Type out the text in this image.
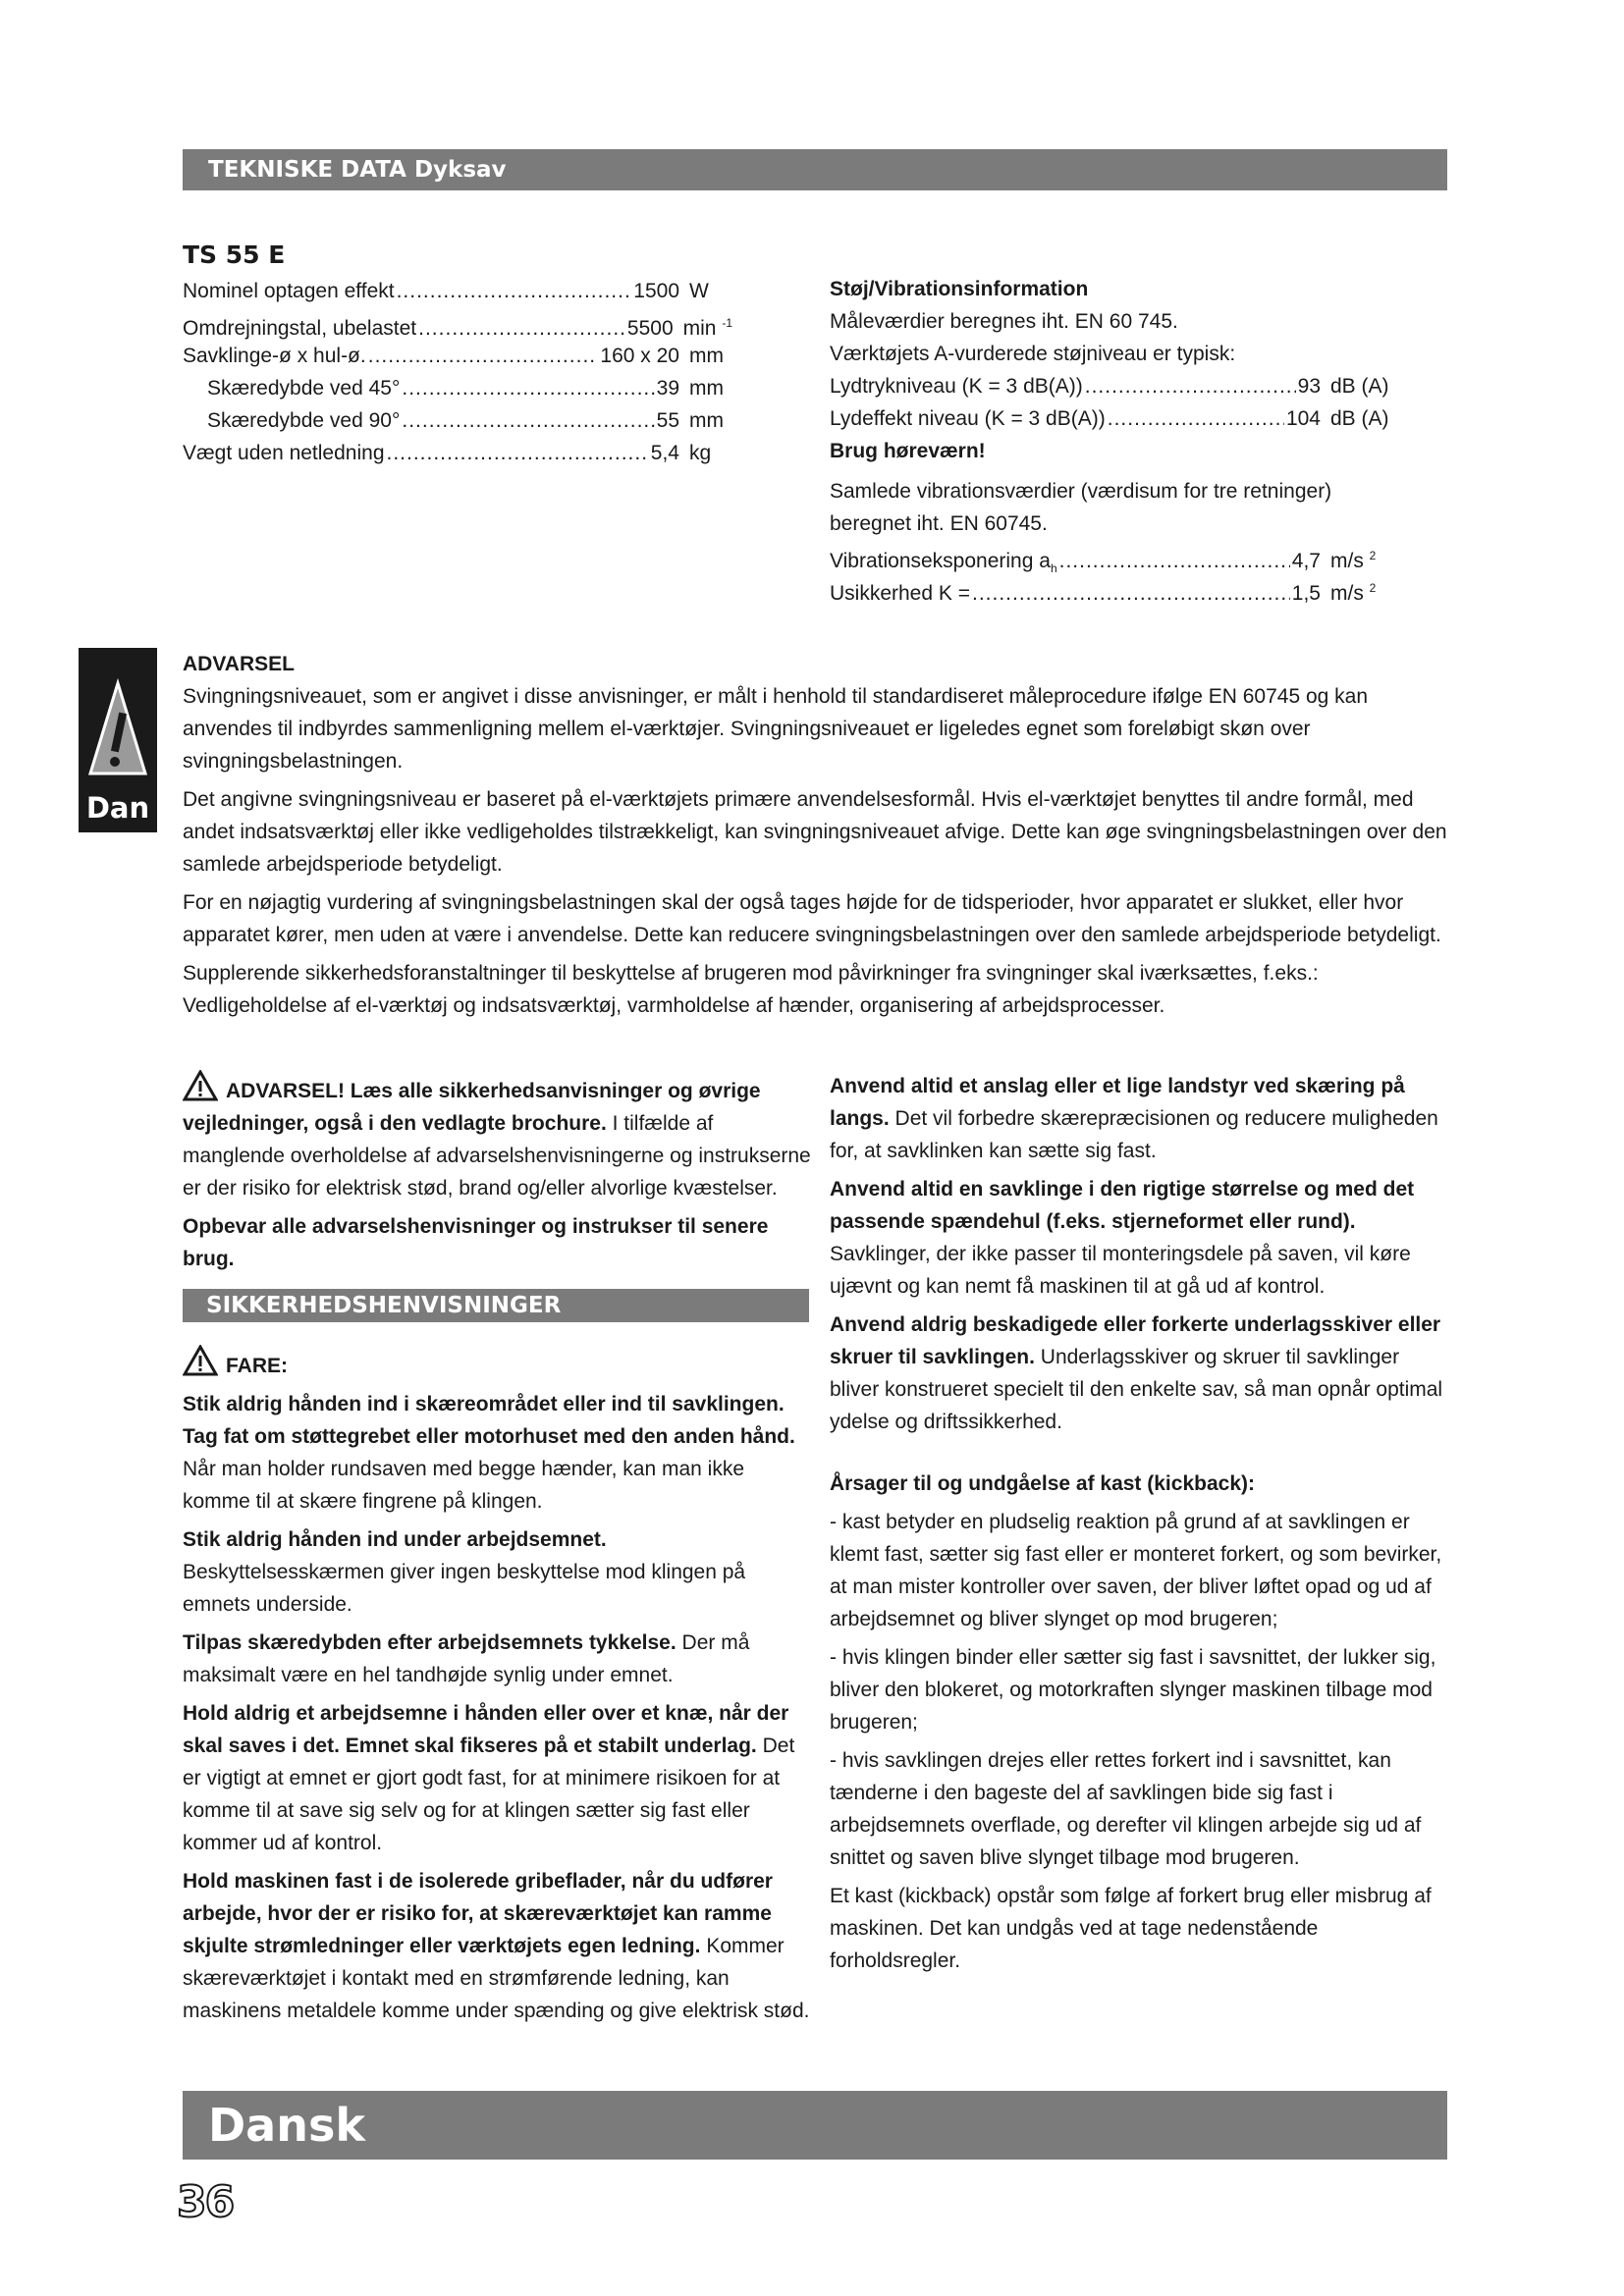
TEKNISKE DATA Dyksav
TS 55 E
Nominel optagen effekt .....	1500 W
Omdrejningstal, ubelastet .....	5500 min $^{-1}$
Savklinge-ø x hul-ø. .....	160 x 20 mm
Skæredybde ved 45° .....	39 mm
Skæredybde ved 90° .....	55 mm
Vægt uden netledning .....	5,4 kg
Støj/Vibrationsinformation
Måleværdier beregnes iht. EN 60 745.
Værktøjets A-vurderede støjniveau er typisk:
Lydtrykniveau (K = 3 dB(A)) .....	93 dB (A)
Lydeffekt niveau (K = 3 dB(A)) .....	104 dB (A)
Brug høreværn!
Samlede vibrationsværdier (værdisum for tre retninger) beregnet iht. EN 60745.
Vibrationseksponering $a_h$ .....	4,7 m/s $^2$
Usikkerhed K = .....	1,5 m/s $^2$
Dan
ADVARSEL

Svingningsniveauet, som er angivet i disse anvisninger, er målt i henhold til standardiseret måleprocedure ifølge EN 60745 og kan anvendes til indbyrdes sammenligning mellem el-værktøjer. Svingningsniveauet er ligeledes egnet som foreløbigt skøn over svingningsbelastningen.

Det angivne svingningsniveau er baseret på el-værktøjets primære anvendelsesformål. Hvis el-værktøjet benyttes til andre formål, med andet indsatsværktøj eller ikke vedligeholdes tilstrækkeligt, kan svingningsniveauet afvige. Dette kan øge svingningsbelastningen over den samlede arbejdsperiode betydeligt.

For en nøjagtig vurdering af svingningsbelastningen skal der også tages højde for de tidsperioder, hvor apparatet er slukket, eller hvor apparatet kører, men uden at være i anvendelse. Dette kan reducere svingningsbelastningen over den samlede arbejdsperiode betydeligt.

Supplerende sikkerhedsforanstaltninger til beskyttelse af brugeren mod påvirkninger fra svingninger skal iværksættes, f.eks.: Vedligeholdelse af el-værktøj og indsatsværktøj, varmholdelse af hænder, organisering af arbejdsprocesser.

ADVARSEL! Læs alle sikkerhedsanvisninger og øvrige vejledninger, også i den vedlagte brochure. I tilfælde af manglende overholdelse af advarselshenvisningerne og instrukserne er der risiko for elektrisk stød, brand og/eller alvorlige kvæstelser.

Opbevar alle advarselshenvisninger og instrukser til senere brug.

SIKKERHEDSHENVISNINGER

FARE:

Stik aldrig hånden ind i skæreområdet eller ind til savklingen. Tag fat om støttegrebet eller motorhuset med den anden hånd. Når man holder rundsaven med begge hænder, kan man ikke komme til at skære fingrene på klingen.

Stik aldrig hånden ind under arbejdsemnet.
Beskyttelsesskærmen giver ingen beskyttelse mod klingen på emnets underside.

Tilpas skæredybden efter arbejdsemnets tykkelse. Der må maksimalt være en hel tandhøjde synlig under emnet.

Hold aldrig et arbejdsemne i hånden eller over et knæ, når der skal saves i det. Emnet skal fikseres på et stabilt underlag. Det er vigtigt at emnet er gjort godt fast, for at minimere risikoen for at komme til at save sig selv og for at klingen sætter sig fast eller kommer ud af kontrol.

Hold maskinen fast i de isolerede gribeflader, når du udfører arbejde, hvor der er risiko for, at skæreværktøjet kan ramme skjulte strømledninger eller værktøjets egen ledning. Kommer skæreværktøjet i kontakt med en strømførende ledning, kan maskinens metaldele komme under spænding og give elektrisk stød.

Anvend altid et anslag eller et lige landstyr ved skæring på langs. Det vil forbedre skærepræcisionen og reducere muligheden for, at savklinken kan sætte sig fast.

Anvend altid en savklinge i den rigtige størrelse og med det passende spændehul (f.eks. stjerneformet eller rund). Savklinger, der ikke passer til monteringsdele på saven, vil køre ujævnt og kan nemt få maskinen til at gå ud af kontrol.

Anvend aldrig beskadigede eller forkerte underlagsskiver eller skruer til savklingen. Underlagsskiver og skruer til savklinger bliver konstrueret specielt til den enkelte sav, så man opnår optimal ydelse og driftssikkerhed.

Årsager til og undgåelse af kast (kickback):

- kast betyder en pludselig reaktion på grund af at savklingen er klemt fast, sætter sig fast eller er monteret forkert, og som bevirker, at man mister kontroller over saven, der bliver løftet opad og ud af arbejdsemnet og bliver slynget op mod brugeren;

- hvis klingen binder eller sætter sig fast i savsnittet, der lukker sig, bliver den blokeret, og motorkraften slynger maskinen tilbage mod brugeren;

- hvis savklingen drejes eller rettes forkert ind i savsnittet, kan tænderne i den bageste del af savklingen bide sig fast i arbejdsemnets overflade, og derefter vil klingen arbejde sig ud af snittet og saven blive slynget tilbage mod brugeren.

Et kast (kickback) opstår som følge af forkert brug eller misbrug af maskinen. Det kan undgås ved at tage nedenstående forholdsregler.

Dansk
36
